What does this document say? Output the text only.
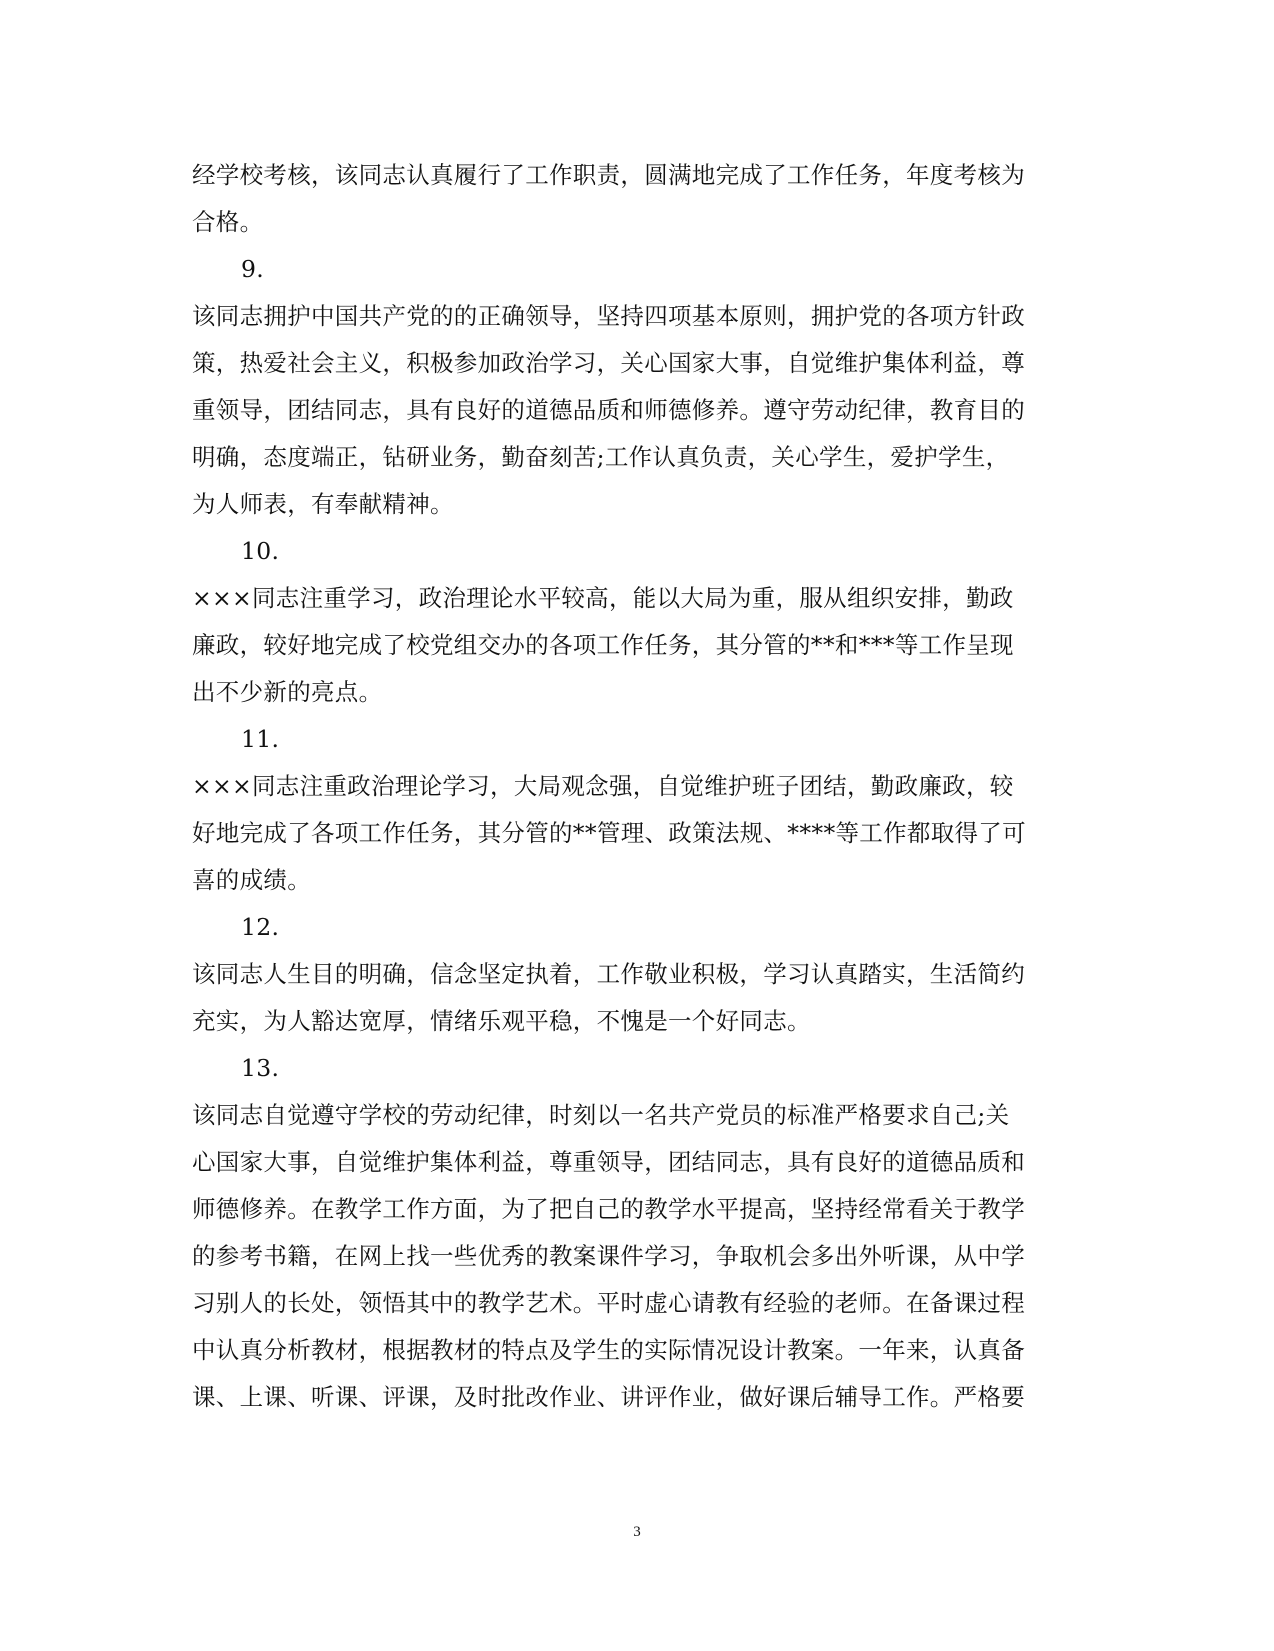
经学校考核，该同志认真履行了工作职责，圆满地完成了工作任务，年度考核为
合格。
9.
该同志拥护中国共产党的的正确领导，坚持四项基本原则，拥护党的各项方针政
策，热爱社会主义，积极参加政治学习，关心国家大事，自觉维护集体利益，尊
重领导，团结同志，具有良好的道德品质和师德修养。遵守劳动纪律，教育目的
明确，态度端正，钻研业务，勤奋刻苦;工作认真负责，关心学生，爱护学生，
为人师表，有奉献精神。
10.
×××同志注重学习，政治理论水平较高，能以大局为重，服从组织安排，勤政
廉政，较好地完成了校党组交办的各项工作任务，其分管的**和***等工作呈现
出不少新的亮点。
11.
×××同志注重政治理论学习，大局观念强，自觉维护班子团结，勤政廉政，较
好地完成了各项工作任务，其分管的**管理、政策法规、****等工作都取得了可
喜的成绩。
12.
该同志人生目的明确，信念坚定执着，工作敬业积极，学习认真踏实，生活简约
充实，为人豁达宽厚，情绪乐观平稳，不愧是一个好同志。
13.
该同志自觉遵守学校的劳动纪律，时刻以一名共产党员的标准严格要求自己;关
心国家大事，自觉维护集体利益，尊重领导，团结同志，具有良好的道德品质和
师德修养。在教学工作方面，为了把自己的教学水平提高，坚持经常看关于教学
的参考书籍，在网上找一些优秀的教案课件学习，争取机会多出外听课，从中学
习别人的长处，领悟其中的教学艺术。平时虚心请教有经验的老师。在备课过程
中认真分析教材，根据教材的特点及学生的实际情况设计教案。一年来，认真备
课、上课、听课、评课，及时批改作业、讲评作业，做好课后辅导工作。严格要
3
